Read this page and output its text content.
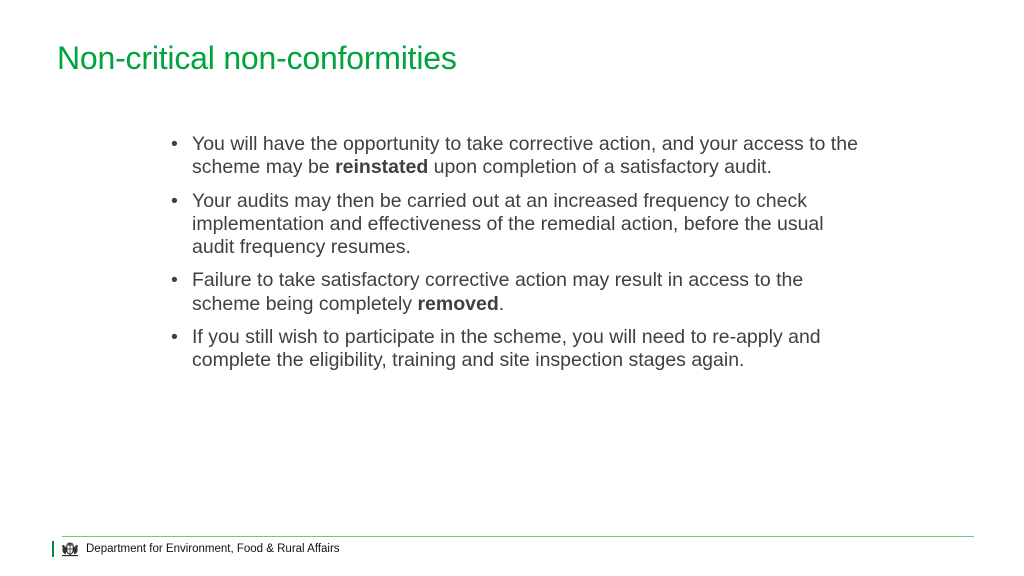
Non-critical non-conformities
• You will have the opportunity to take corrective action, and your access to the scheme may be reinstated upon completion of a satisfactory audit.
• Your audits may then be carried out at an increased frequency to check implementation and effectiveness of the remedial action, before the usual audit frequency resumes.
• Failure to take satisfactory corrective action may result in access to the scheme being completely removed.
• If you still wish to participate in the scheme, you will need to re-apply and complete the eligibility, training and site inspection stages again.
Department for Environment, Food & Rural Affairs
